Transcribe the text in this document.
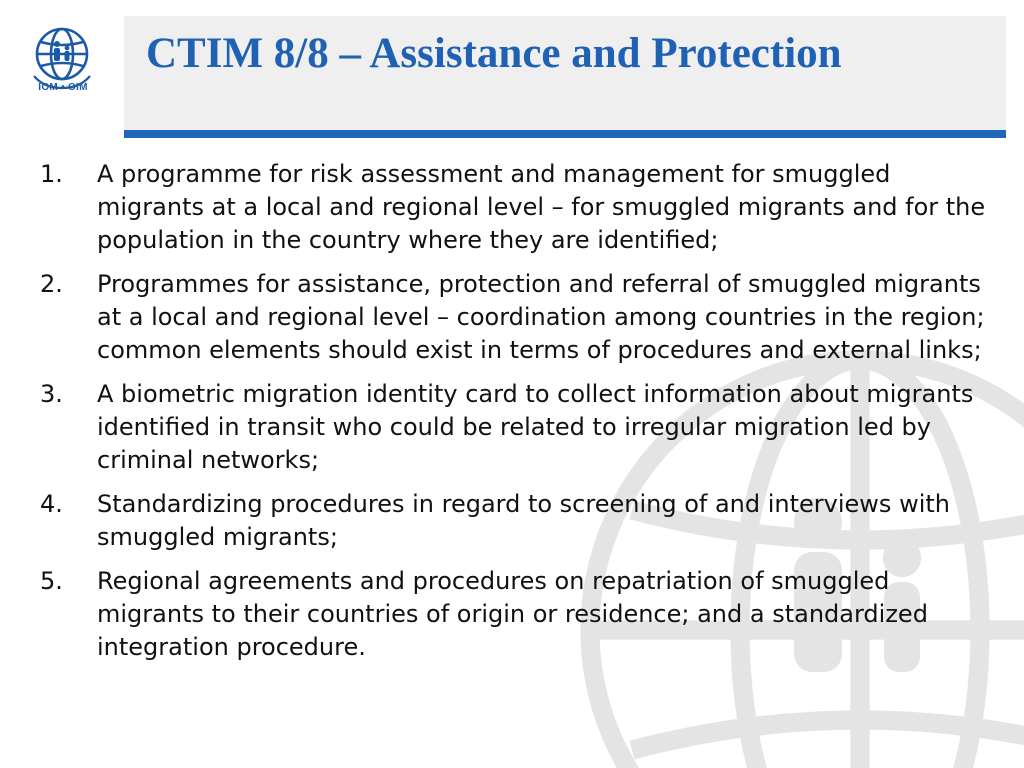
IOM • OIM
CTIM 8/8 – Assistance and Protection
1. A programme for risk assessment and management for smuggled migrants at a local and regional level – for smuggled migrants and for the population in the country where they are identified;
2. Programmes for assistance, protection and referral of smuggled migrants at a local and regional level – coordination among countries in the region; common elements should exist in terms of procedures and external links;
3. A biometric migration identity card to collect information about migrants identified in transit who could be related to irregular migration led by criminal networks;
4. Standardizing procedures in regard to screening of and interviews with smuggled migrants;
5. Regional agreements and procedures on repatriation of smuggled migrants to their countries of origin or residence; and a standardized integration procedure.
